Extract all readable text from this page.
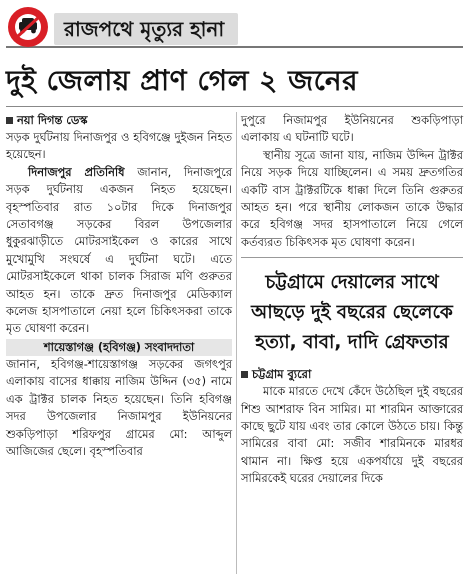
রাজপথে মৃত্যুর হানা
দুই জেলায় প্রাণ গেল ২ জনের
নয়া দিগন্ত ডেস্ক

সড়ক দুর্ঘটনায় দিনাজপুর ও হবিগঞ্জে দুইজন নিহত হয়েছেন।

দিনাজপুর প্রতিনিধি জানান, দিনাজপুরে সড়ক দুর্ঘটনায় একজন নিহত হয়েছেন। বৃহস্পতিবার রাত ১০টার দিকে দিনাজপুর সেতাবগঞ্জ সড়কের বিরল উপজেলার ধুকুরঝাড়ীতে মোটরসাইকেল ও কারের সাথে মুখোমুখি সংঘর্ষে এ দুর্ঘটনা ঘটে। এতে মোটরসাইকেলে থাকা চালক সিরাজ মণি গুরুতর আহত হন। তাকে দ্রুত দিনাজপুর মেডিক্যাল কলেজ হাসপাতালে নেয়া হলে চিকিৎসকরা তাকে মৃত ঘোষণা করেন।

শায়েস্তাগঞ্জ (হবিগঞ্জ) সংবাদদাতা

জানান, হবিগঞ্জ-শায়েস্তাগঞ্জ সড়কের জগৎপুর এলাকায় বাসের ধাক্কায় নাজিম উদ্দিন (৩৫) নামে এক ট্রাক্টর চালক নিহত হয়েছেন। তিনি হবিগঞ্জ সদর উপজেলার নিজামপুর ইউনিয়নের শুকড়িপাড়া শরিফপুর গ্রামের মো: আব্দুল আজিজের ছেলে। বৃহস্পতিবার

দুপুরে নিজামপুর ইউনিয়নের শুকড়িপাড়া এলাকায় এ ঘটনাটি ঘটে।

স্থানীয় সূত্রে জানা যায়, নাজিম উদ্দিন ট্রাক্টর নিয়ে সড়ক দিয়ে যাচ্ছিলেন। এ সময় দ্রুতগতির একটি বাস ট্রাক্টরটিকে ধাক্কা দিলে তিনি গুরুতর আহত হন। পরে স্থানীয় লোকজন তাকে উদ্ধার করে হবিগঞ্জ সদর হাসপাতালে নিয়ে গেলে কর্তব্যরত চিকিৎসক মৃত ঘোষণা করেন।

চট্টগ্রামে দেয়ালের সাথে আছড়ে দুই বছরের ছেলেকে হত্যা, বাবা, দাদি গ্রেফতার
চট্টগ্রাম ব্যুরো

মাকে মারতে দেখে কেঁদে উঠেছিল দুই বছরের শিশু আশরাফ বিন সামির। মা শারমিন আক্তারের কাছে ছুটে যায় এবং তার কোলে উঠতে চায়। কিন্তু সামিরের বাবা মো: সজীব শারমিনকে মারধর থামান না। ক্ষিপ্ত হয়ে একপর্যায়ে দুই বছরের সামিরকেই ঘরের দেয়ালের দিকে
